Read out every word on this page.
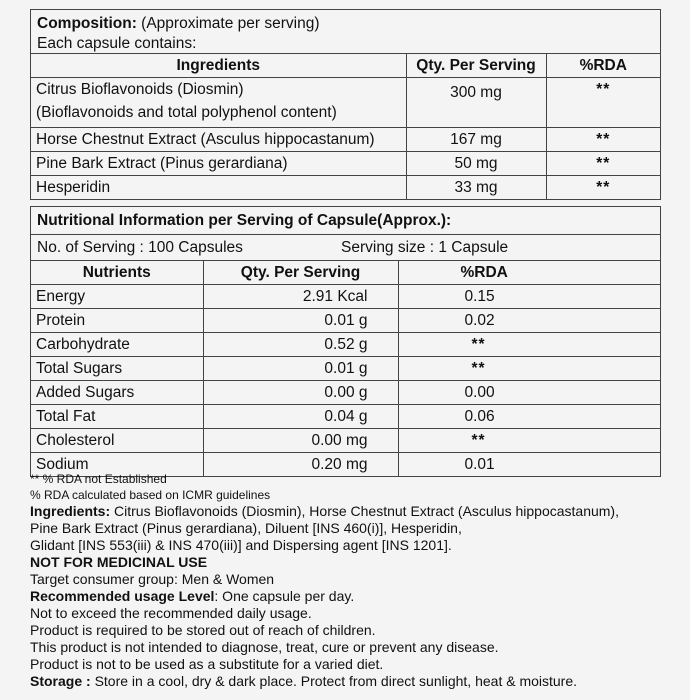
Composition: (Approximate per serving)
Each capsule contains:
Ingredients	Qty. Per Serving	%RDA

Citrus Bioflavonoids (Diosmin)
(Bioflavonoids and total polyphenol content)	300 mg	**
Horse Chestnut Extract (Asculus hippocastanum)	167 mg	**
Pine Bark Extract (Pinus gerardiana)	50 mg	**
Hesperidin	33 mg	**
Nutritional Information per Serving of Capsule(Approx.):
No. of Serving : 100 Capsules	Serving size : 1 Capsule
Nutrients	Qty. Per Serving	%RDA
Energy	2.91 Kcal	0.15
Protein	0.01 g	0.02
Carbohydrate	0.52 g	**
Total Sugars	0.01 g	**
Added Sugars	0.00 g	0.00
Total Fat	0.04 g	0.06
Cholesterol	0.00 mg	**
Sodium	0.20 mg	0.01
** % RDA not Established
% RDA calculated based on ICMR guidelines
Ingredients: Citrus Bioflavonoids (Diosmin), Horse Chestnut Extract (Asculus hippocastanum),
Pine Bark Extract (Pinus gerardiana), Diluent [INS 460(i)], Hesperidin,
Glidant [INS 553(iii) & INS 470(iii)] and Dispersing agent [INS 1201].
NOT FOR MEDICINAL USE
Target consumer group: Men & Women
Recommended usage Level: One capsule per day.
Not to exceed the recommended daily usage.
Product is required to be stored out of reach of children.
This product is not intended to diagnose, treat, cure or prevent any disease.
Product is not to be used as a substitute for a varied diet.
Storage : Store in a cool, dry & dark place. Protect from direct sunlight, heat & moisture.
